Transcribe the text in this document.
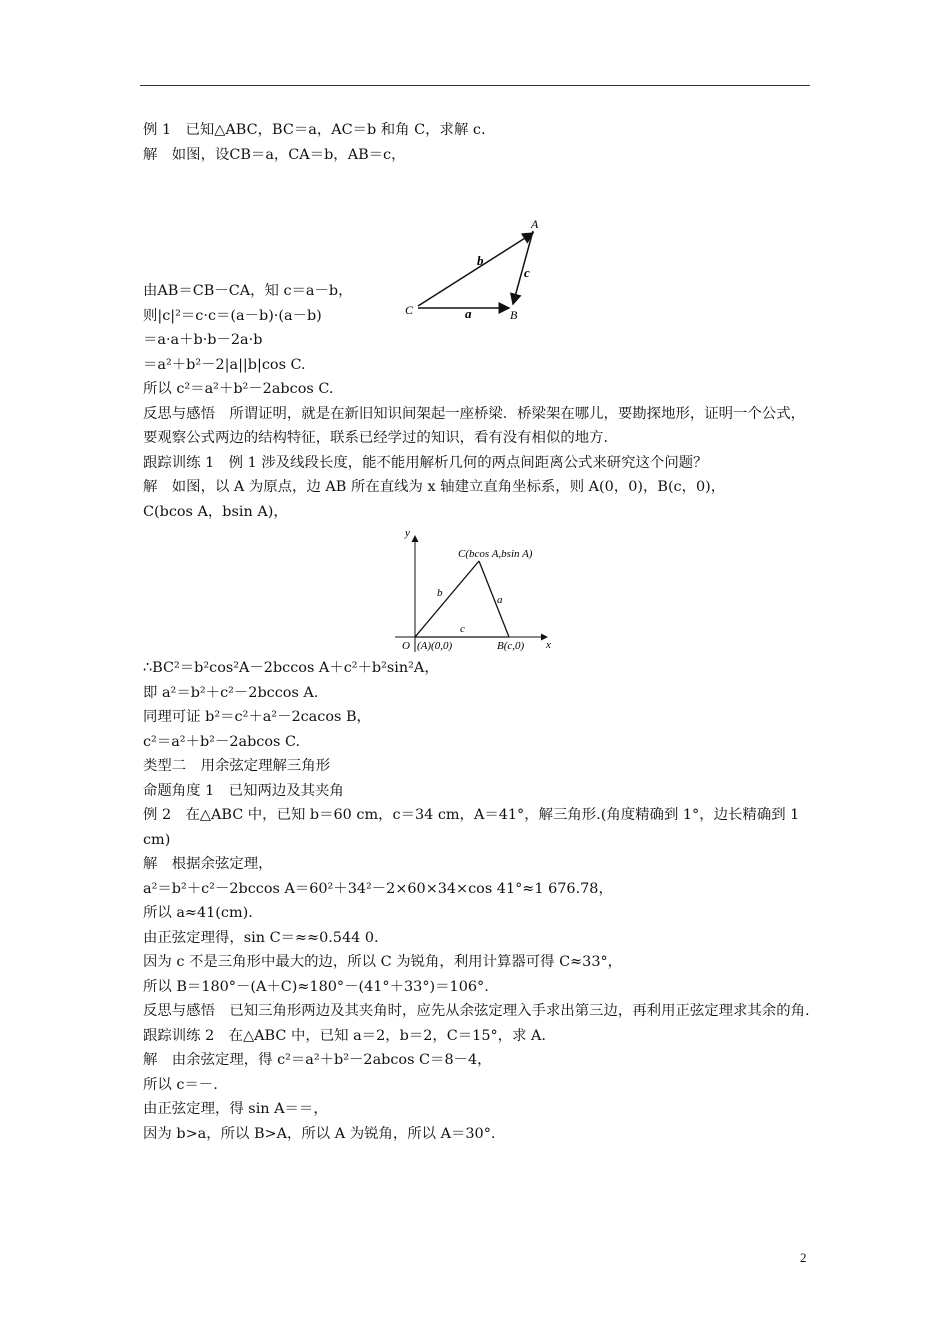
例 1　已知△ABC，BC＝a，AC＝b 和角 C，求解 c.
解　如图，设CB＝a，CA＝b，AB＝c，
A
B
C	a
b
c
由AB＝CB－CA，知 c＝a－b，
则|c|²＝c·c＝(a－b)·(a－b)
＝a·a＋b·b－2a·b
＝a²＋b²－2|a||b|cos C.
所以 c²＝a²＋b²－2abcos C.
反思与感悟　所谓证明，就是在新旧知识间架起一座桥梁．桥梁架在哪儿，要勘探地形，证明一个公式，要观察公式两边的结构特征，联系已经学过的知识，看有没有相似的地方．
跟踪训练 1　例 1 涉及线段长度，能不能用解析几何的两点间距离公式来研究这个问题？
解　如图，以 A 为原点，边 AB 所在直线为 x 轴建立直角坐标系，则 A(0，0)，B(c，0)，
C(bcos A，bsin A)，
y
x
O (A)(0,0)	B(c,0)
C(bcos A,bsin A)
a
b
c
∴BC²＝b²cos²A－2bccos A＋c²＋b²sin²A，
即 a²＝b²＋c²－2bccos A.
同理可证 b²＝c²＋a²－2cacos B，
c²＝a²＋b²－2abcos C.
类型二　用余弦定理解三角形
命题角度 1　已知两边及其夹角
例 2　在△ABC 中，已知 b＝60 cm，c＝34 cm，A＝41°，解三角形.(角度精确到 1°，边长精确到 1 cm)
解　根据余弦定理，
a²＝b²＋c²－2bccos A＝60²＋34²－2×60×34×cos 41°≈1 676.78，
所以 a≈41(cm).
由正弦定理得，sin C＝≈≈0.544 0.
因为 c 不是三角形中最大的边，所以 C 为锐角，利用计算器可得 C≈33°，
所以 B＝180°－(A＋C)≈180°－(41°＋33°)＝106°.
反思与感悟　已知三角形两边及其夹角时，应先从余弦定理入手求出第三边，再利用正弦定理求其余的角.
跟踪训练 2　在△ABC 中，已知 a＝2，b＝2，C＝15°，求 A.
解　由余弦定理，得 c²＝a²＋b²－2abcos C＝8－4，
所以 c＝－.
由正弦定理，得 sin A＝＝，
因为 b>a，所以 B>A，所以 A 为锐角，所以 A＝30°.
2
